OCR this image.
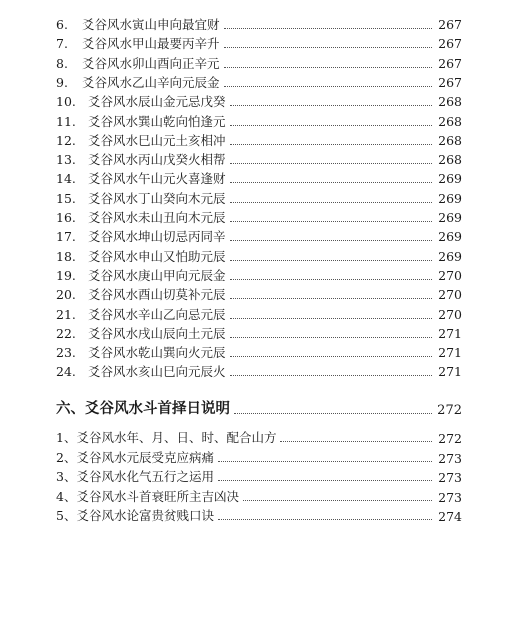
6.	爻谷风水寅山申向最宜财	267
7.	爻谷风水甲山最要丙辛升	267
8.	爻谷风水卯山酉向正辛元	267
9.	爻谷风水乙山辛向元辰金	267
10. 爻谷风水辰山金元忌戊癸	268
11. 爻谷风水巽山乾向怕逢元	268
12. 爻谷风水巳山元土亥相冲	268
13. 爻谷风水丙山戊癸火相帮	268
14. 爻谷风水午山元火喜逢财	269
15. 爻谷风水丁山癸向木元辰	269
16. 爻谷风水未山丑向木元辰	269
17. 爻谷风水坤山切忌丙同辛	269
18. 爻谷风水申山又怕助元辰	269
19. 爻谷风水庚山甲向元辰金	270
20. 爻谷风水酉山切莫补元辰	270
21. 爻谷风水辛山乙向忌元辰	270
22. 爻谷风水戌山辰向土元辰	271
23. 爻谷风水乾山巽向火元辰	271
24. 爻谷风水亥山巳向元辰火	271
六、爻谷风水斗首择日说明	272
1、爻谷风水年、月、日、时、配合山方	272
2、爻谷风水元辰受克应病痛	273
3、爻谷风水化气五行之运用	273
4、爻谷风水斗首衰旺所主吉凶决	273
5、爻谷风水论富贵贫贱口诀	274
